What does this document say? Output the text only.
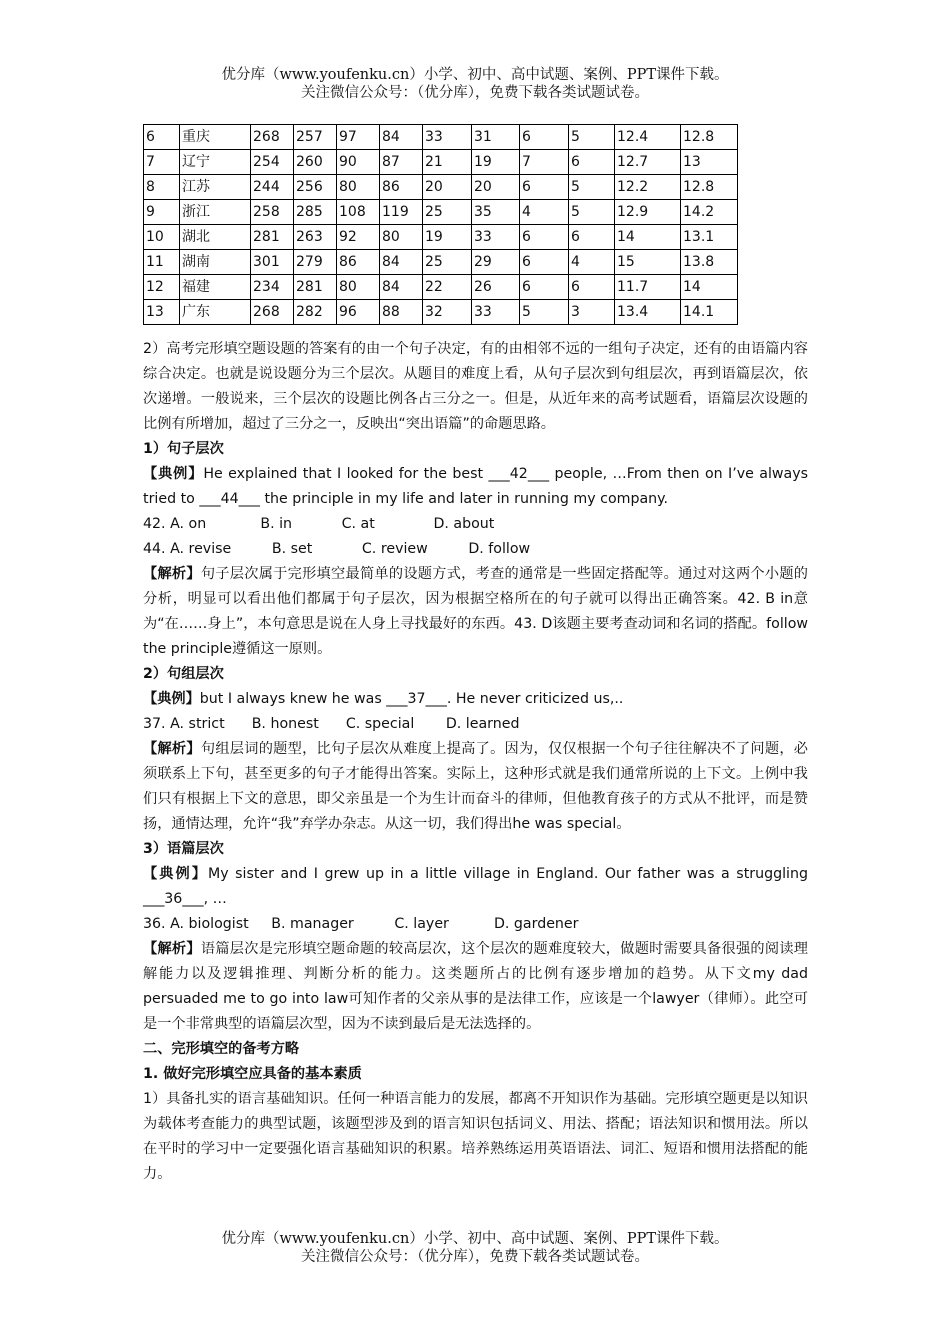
优分库（www.youfenku.cn）小学、初中、高中试题、案例、PPT课件下载。
关注微信公众号：（优分库），免费下载各类试题试卷。
6	重庆	268	257	97	84	33	31	6	5	12.4	12.8
7	辽宁	254	260	90	87	21	19	7	6	12.7	13
8	江苏	244	256	80	86	20	20	6	5	12.2	12.8
9	浙江	258	285	108	119	25	35	4	5	12.9	14.2
10	湖北	281	263	92	80	19	33	6	6	14	13.1
11	湖南	301	279	86	84	25	29	6	4	15	13.8
12	福建	234	281	80	84	22	26	6	6	11.7	14
13	广东	268	282	96	88	32	33	5	3	13.4	14.1

2）高考完形填空题设题的答案有的由一个句子决定，有的由相邻不远的一组句子决定，还有的由语篇内容综合决定。也就是说设题分为三个层次。从题目的难度上看，从句子层次到句组层次，再到语篇层次，依次递增。一般说来，三个层次的设题比例各占三分之一。但是，从近年来的高考试题看，语篇层次设题的比例有所增加，超过了三分之一，反映出“突出语篇”的命题思路。

1）句子层次

【典例】He explained that I looked for the best ___42___ people, …From then on I’ve always tried to ___44___ the principle in my life and later in running my company.

42. A. on            B. in           C. at             D. about

44. A. revise         B. set           C. review         D. follow

【解析】句子层次属于完形填空最简单的设题方式，考查的通常是一些固定搭配等。通过对这两个小题的分析，明显可以看出他们都属于句子层次，因为根据空格所在的句子就可以得出正确答案。42. B in意为“在……身上”，本句意思是说在人身上寻找最好的东西。43. D该题主要考查动词和名词的搭配。follow the principle遵循这一原则。

2）句组层次

【典例】but I always knew he was ___37___. He never criticized us,..

37. A. strict      B. honest      C. special       D. learned

【解析】句组层词的题型，比句子层次从难度上提高了。因为，仅仅根据一个句子往往解决不了问题，必须联系上下句，甚至更多的句子才能得出答案。实际上，这种形式就是我们通常所说的上下文。上例中我们只有根据上下文的意思，即父亲虽是一个为生计而奋斗的律师，但他教育孩子的方式从不批评，而是赞扬，通情达理，允许“我”弃学办杂志。从这一切，我们得出he was special。

3）语篇层次

【典例】My sister and I grew up in a little village in England. Our father was a struggling ___36___, …

36. A. biologist     B. manager         C. layer          D. gardener

【解析】语篇层次是完形填空题命题的较高层次，这个层次的题难度较大，做题时需要具备很强的阅读理解能力以及逻辑推理、判断分析的能力。这类题所占的比例有逐步增加的趋势。从下文my dad persuaded me to go into law可知作者的父亲从事的是法律工作，应该是一个lawyer（律师）。此空可是一个非常典型的语篇层次型，因为不读到最后是无法选择的。

二、完形填空的备考方略

1. 做好完形填空应具备的基本素质

1）具备扎实的语言基础知识。任何一种语言能力的发展，都离不开知识作为基础。完形填空题更是以知识为载体考查能力的典型试题，该题型涉及到的语言知识包括词义、用法、搭配；语法知识和惯用法。所以在平时的学习中一定要强化语言基础知识的积累。培养熟练运用英语语法、词汇、短语和惯用法搭配的能力。

优分库（www.youfenku.cn）小学、初中、高中试题、案例、PPT课件下载。
关注微信公众号：（优分库），免费下载各类试题试卷。
